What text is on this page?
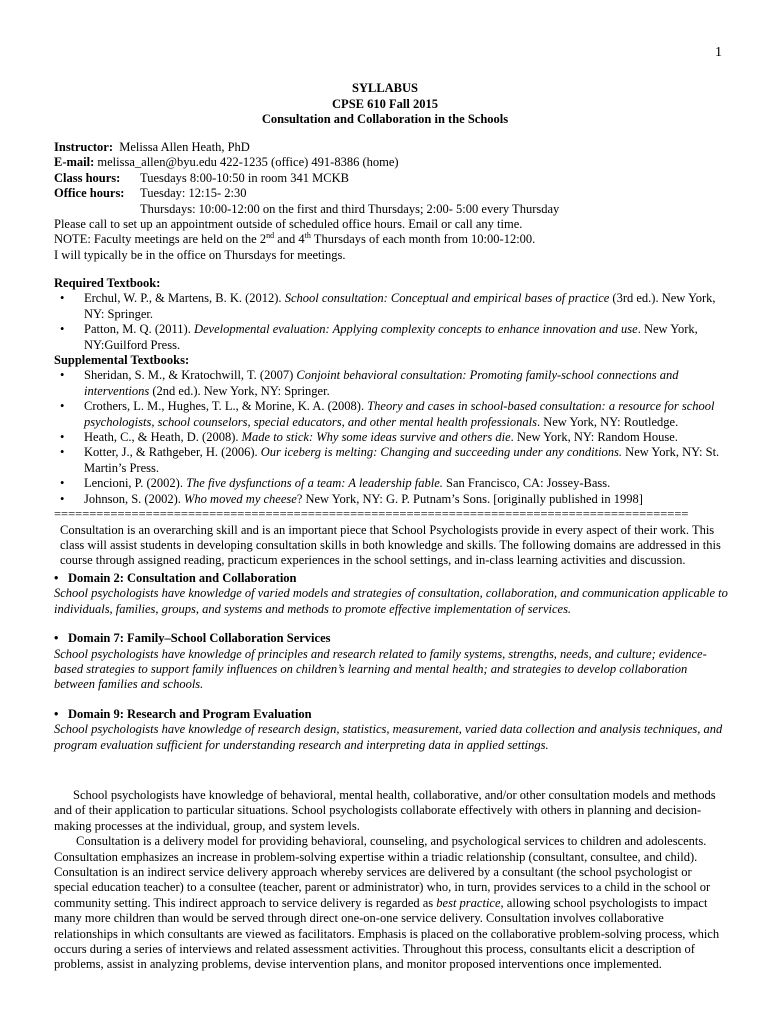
1
SYLLABUS
CPSE 610 Fall 2015
Consultation and Collaboration in the Schools
Instructor: Melissa Allen Heath, PhD
E-mail: melissa_allen@byu.edu 422-1235 (office) 491-8386 (home)
Class hours: Tuesdays 8:00-10:50 in room 341 MCKB
Office hours: Tuesday: 12:15- 2:30
Thursdays: 10:00-12:00 on the first and third Thursdays; 2:00- 5:00 every Thursday
Please call to set up an appointment outside of scheduled office hours. Email or call any time.
NOTE: Faculty meetings are held on the 2nd and 4th Thursdays of each month from 10:00-12:00.
I will typically be in the office on Thursdays for meetings.
Required Textbook:
• Erchul, W. P., & Martens, B. K. (2012). School consultation: Conceptual and empirical bases of practice (3rd ed.). New York, NY: Springer.
• Patton, M. Q. (2011). Developmental evaluation: Applying complexity concepts to enhance innovation and use. New York, NY:Guilford Press.
Supplemental Textbooks:
• Sheridan, S. M., & Kratochwill, T. (2007) Conjoint behavioral consultation: Promoting family-school connections and interventions (2nd ed.). New York, NY: Springer.
• Crothers, L. M., Hughes, T. L., & Morine, K. A. (2008). Theory and cases in school-based consultation: a resource for school psychologists, school counselors, special educators, and other mental health professionals. New York, NY: Routledge.
• Heath, C., & Heath, D. (2008). Made to stick: Why some ideas survive and others die. New York, NY: Random House.
• Kotter, J., & Rathgeber, H. (2006). Our iceberg is melting: Changing and succeeding under any conditions. New York, NY: St. Martin’s Press.
• Lencioni, P. (2002). The five dysfunctions of a team: A leadership fable. San Francisco, CA: Jossey-Bass.
• Johnson, S. (2002). Who moved my cheese? New York, NY: G. P. Putnam’s Sons. [originally published in 1998]
==========================================================================================

Consultation is an overarching skill and is an important piece that School Psychologists provide in every aspect of their work. This class will assist students in developing consultation skills in both knowledge and skills. The following domains are addressed in this course through assigned reading, practicum experiences in the school settings, and in-class learning activities and discussion.

• Domain 2: Consultation and Collaboration
School psychologists have knowledge of varied models and strategies of consultation, collaboration, and communication applicable to individuals, families, groups, and systems and methods to promote effective implementation of services.
• Domain 7: Family–School Collaboration Services
School psychologists have knowledge of principles and research related to family systems, strengths, needs, and culture; evidence-based strategies to support family influences on children’s learning and mental health; and strategies to develop collaboration between families and schools.
• Domain 9: Research and Program Evaluation
School psychologists have knowledge of research design, statistics, measurement, varied data collection and analysis techniques, and program evaluation sufficient for understanding research and interpreting data in applied settings.

School psychologists have knowledge of behavioral, mental health, collaborative, and/or other consultation models and methods and of their application to particular situations. School psychologists collaborate effectively with others in planning and decision-making processes at the individual, group, and system levels.

Consultation is a delivery model for providing behavioral, counseling, and psychological services to children and adolescents. Consultation emphasizes an increase in problem-solving expertise within a triadic relationship (consultant, consultee, and child). Consultation is an indirect service delivery approach whereby services are delivered by a consultant (the school psychologist or special education teacher) to a consultee (teacher, parent or administrator) who, in turn, provides services to a child in the school or community setting. This indirect approach to service delivery is regarded as best practice, allowing school psychologists to impact many more children than would be served through direct one-on-one service delivery. Consultation involves collaborative relationships in which consultants are viewed as facilitators. Emphasis is placed on the collaborative problem-solving process, which occurs during a series of interviews and related assessment activities. Throughout this process, consultants elicit a description of problems, assist in analyzing problems, devise intervention plans, and monitor proposed interventions once implemented.
